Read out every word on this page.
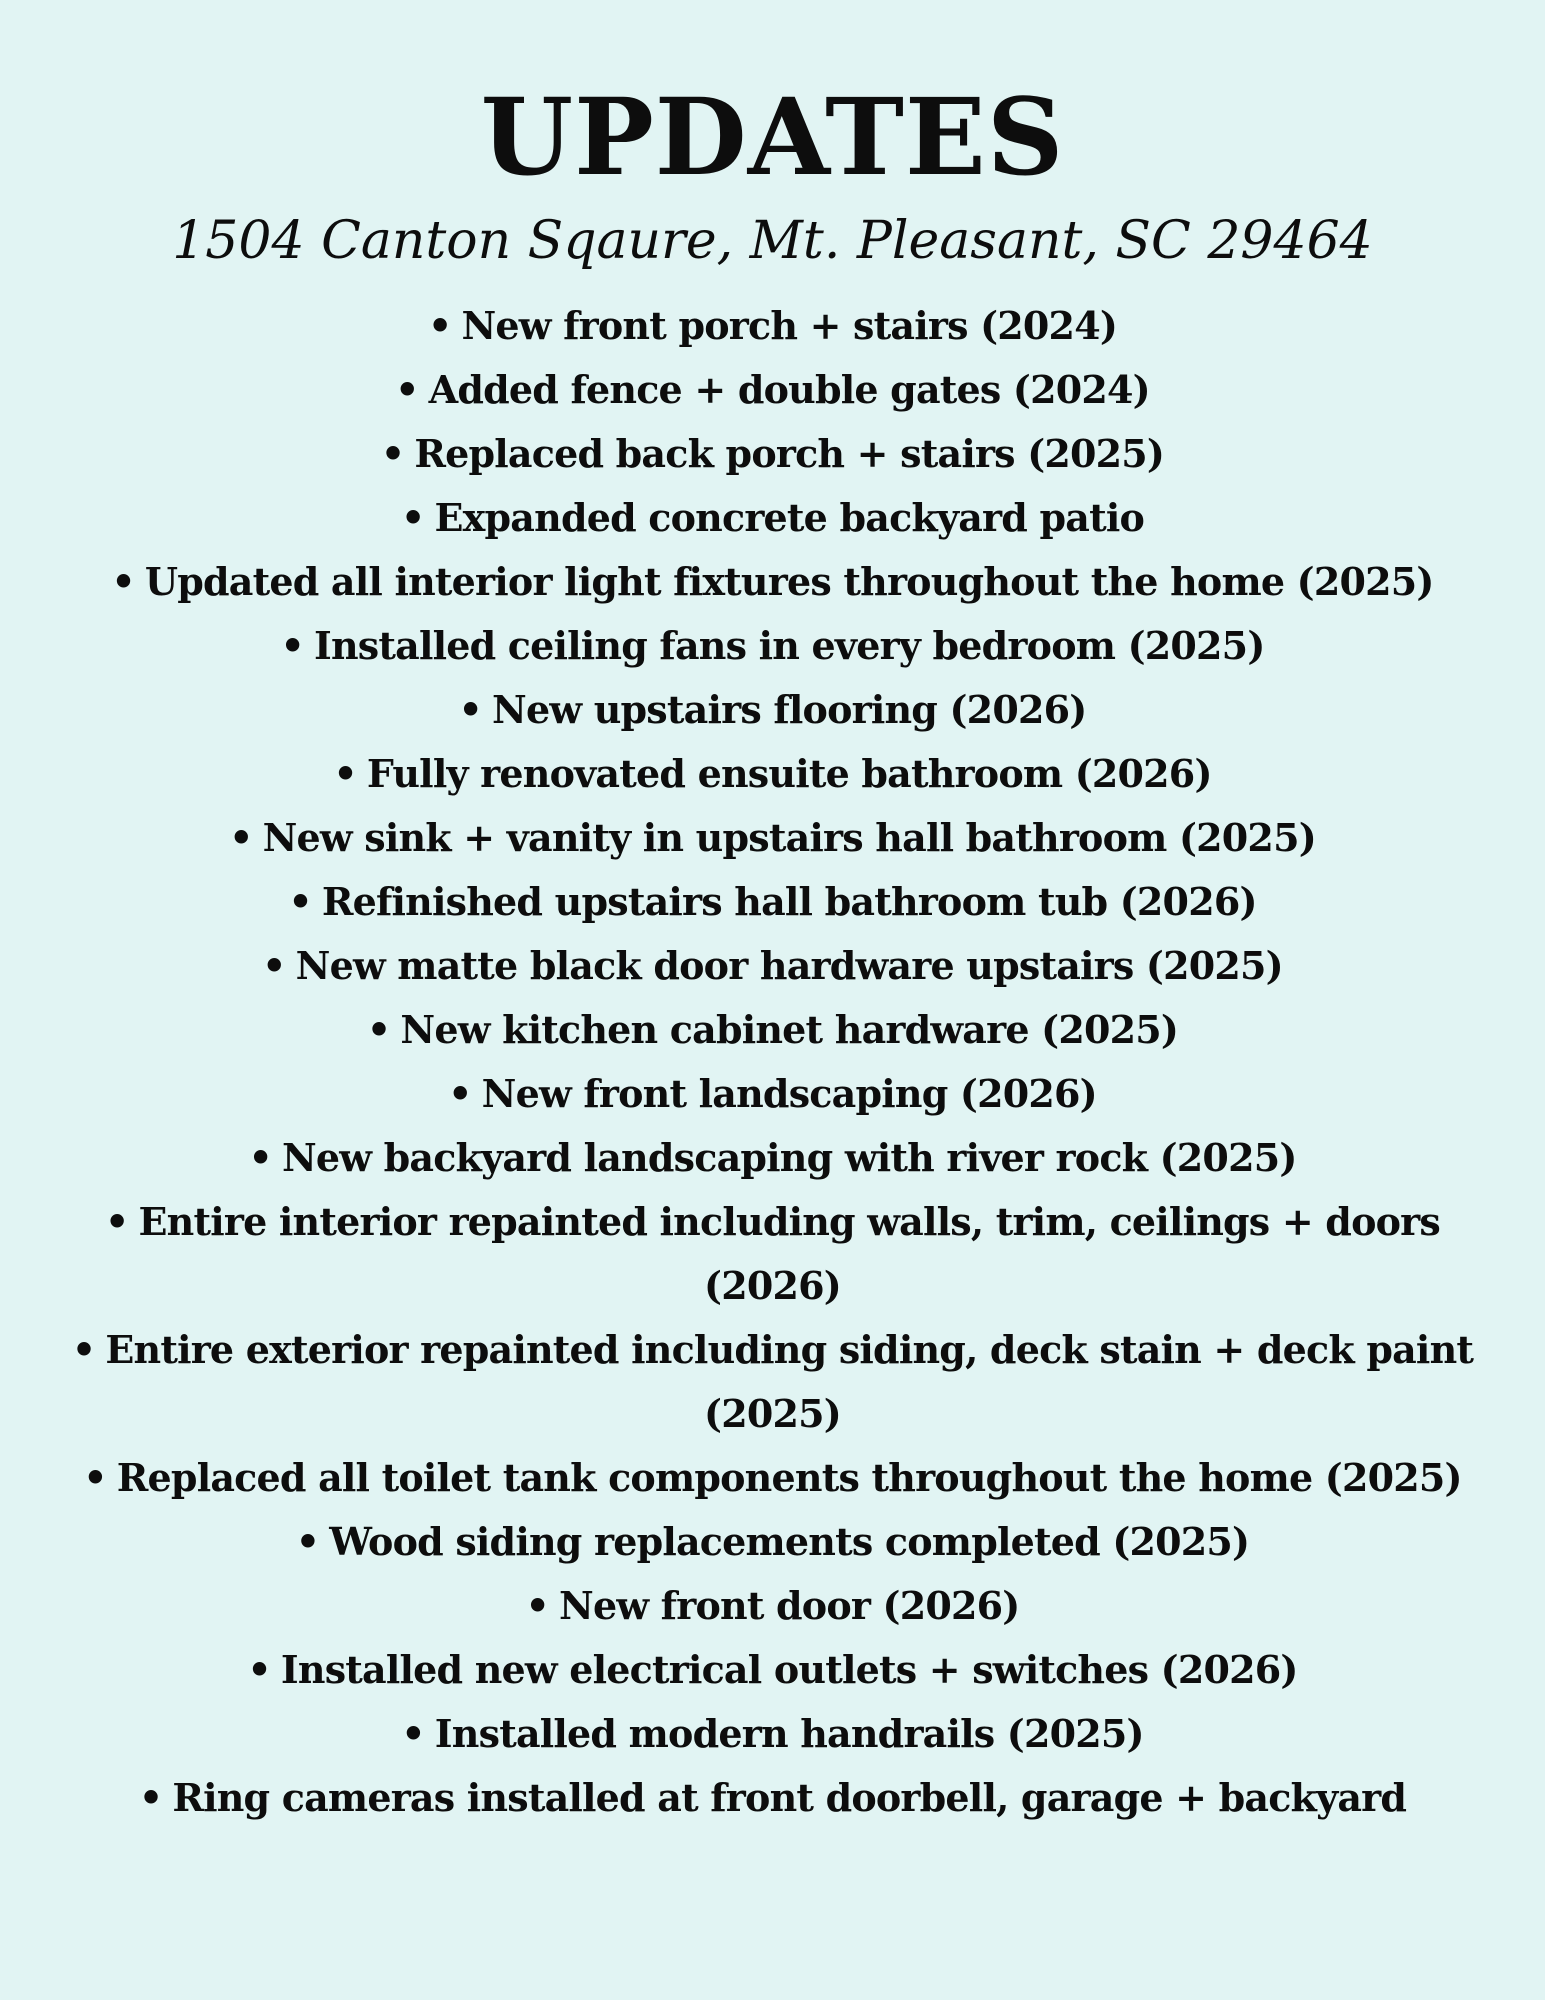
UPDATES
1504 Canton Sqaure, Mt. Pleasant, SC 29464
• New front porch + stairs (2024)
• Added fence + double gates (2024)
• Replaced back porch + stairs (2025)
• Expanded concrete backyard patio
• Updated all interior light fixtures throughout the home (2025)
• Installed ceiling fans in every bedroom (2025)
• New upstairs flooring (2026)
• Fully renovated ensuite bathroom (2026)
• New sink + vanity in upstairs hall bathroom (2025)
• Refinished upstairs hall bathroom tub (2026)
• New matte black door hardware upstairs (2025)
• New kitchen cabinet hardware (2025)
• New front landscaping (2026)
• New backyard landscaping with river rock (2025)
• Entire interior repainted including walls, trim, ceilings + doors (2026)
• Entire exterior repainted including siding, deck stain + deck paint (2025)
• Replaced all toilet tank components throughout the home (2025)
• Wood siding replacements completed (2025)
• New front door (2026)
• Installed new electrical outlets + switches (2026)
• Installed modern handrails (2025)
• Ring cameras installed at front doorbell, garage + backyard
